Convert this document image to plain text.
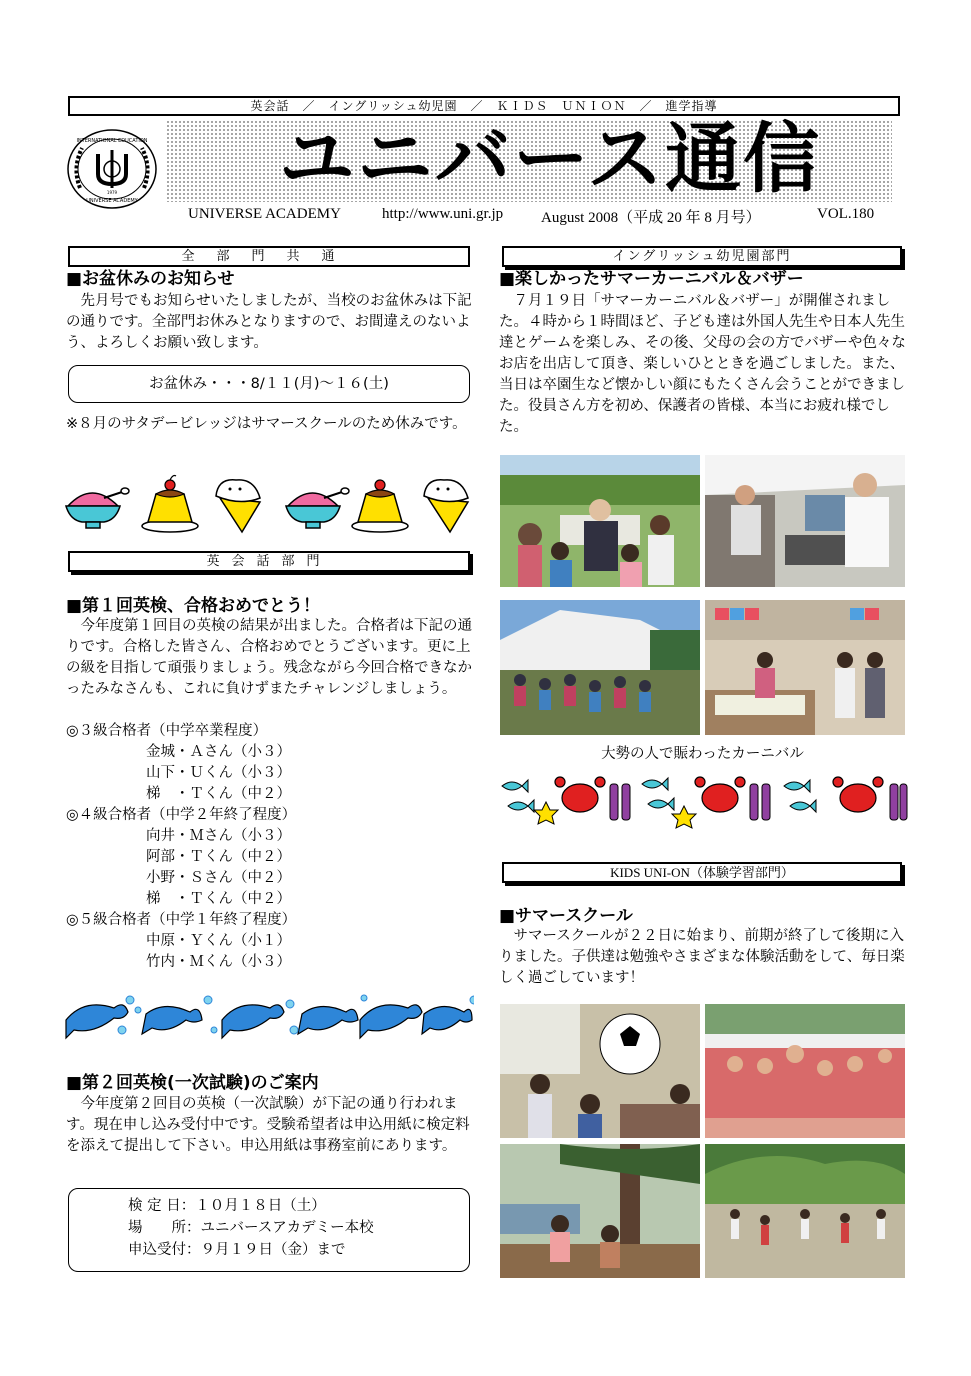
英会話　／　イングリッシュ幼児園　／　ＫＩＤＳ　ＵＮＩＯＮ　／　進学指導
INTERNATIONAL EDUCATION
UNIVERSE ACADEMY
1979	ユニバース通信
UNIVERSE ACADEMY	http://www.uni.gr.jp	August 2008（平成 20 年 8 月号）	VOL.180
全部門共通
■お盆休みのお知らせ
　先月号でもお知らせいたしましたが、当校のお盆休みは下記の通りです。全部門お休みとなりますので、お間違えのないよう、よろしくお願い致します。
お盆休み・・・8/１１(月)～１６(土)
※８月のサタデービレッジはサマースクールのため休みです。
英会話部門
■第１回英検、合格おめでとう！
　今年度第１回目の英検の結果が出ました。合格者は下記の通りです。合格した皆さん、合格おめでとうございます。更に上の級を目指して頑張りましょう。残念ながら今回合格できなかったみなさんも、これに負けずまたチャレンジしましょう。
◎３級合格者（中学卒業程度）
金城・Ａさん（小３）
山下・Ｕくん（小３）
梯　・Ｔくん（中２）
◎４級合格者（中学２年終了程度）
向井・Ｍさん（小３）
阿部・Ｔくん（中２）
小野・Ｓさん（中２）
梯　・Ｔくん（中２）
◎５級合格者（中学１年終了程度）
中原・Ｙくん（小１）
竹内・Ｍくん（小３）
■第２回英検(一次試験)のご案内
　今年度第２回目の英検（一次試験）が下記の通り行われます。現在申し込み受付中です。受験希望者は申込用紙に検定料を添えて提出して下さい。申込用紙は事務室前にあります。
検 定 日：１０月１８日（土）
場　　所：ユニバースアカデミー本校
申込受付：９月１９日（金）まで
イングリッシュ幼児園部門
■楽しかったサマーカーニバル＆バザー
　７月１９日「サマーカーニバル＆バザー」が開催されました。４時から１時間ほど、子ども達は外国人先生や日本人先生達とゲームを楽しみ、その後、父母の会の方でバザーや色々なお店を出店して頂き、楽しいひとときを過ごしました。また、当日は卒園生など懐かしい顔にもたくさん会うことができました。役員さん方を初め、保護者の皆様、本当にお疲れ様でした。
大勢の人で賑わったカーニバル
KIDS UNI-ON（体験学習部門）
■サマースクール
　サマースクールが２２日に始まり、前期が終了して後期に入りました。子供達は勉強やさまざまな体験活動をして、毎日楽しく過ごしています！
